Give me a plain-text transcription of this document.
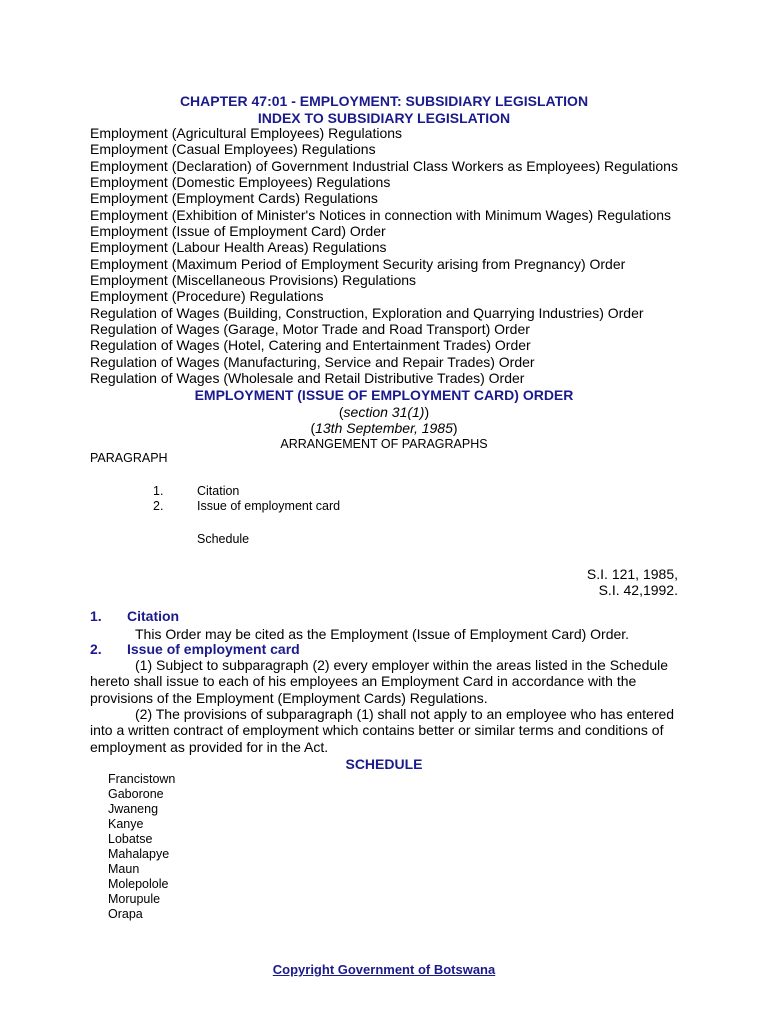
CHAPTER 47:01 - EMPLOYMENT: SUBSIDIARY LEGISLATION
INDEX TO SUBSIDIARY LEGISLATION
Employment (Agricultural Employees) Regulations
Employment (Casual Employees) Regulations
Employment (Declaration) of Government Industrial Class Workers as Employees) Regulations
Employment (Domestic Employees) Regulations
Employment (Employment Cards) Regulations
Employment (Exhibition of Minister's Notices in connection with Minimum Wages) Regulations
Employment (Issue of Employment Card) Order
Employment (Labour Health Areas) Regulations
Employment (Maximum Period of Employment Security arising from Pregnancy) Order
Employment (Miscellaneous Provisions) Regulations
Employment (Procedure) Regulations
Regulation of Wages (Building, Construction, Exploration and Quarrying Industries) Order
Regulation of Wages (Garage, Motor Trade and Road Transport) Order
Regulation of Wages (Hotel, Catering and Entertainment Trades) Order
Regulation of Wages (Manufacturing, Service and Repair Trades) Order
Regulation of Wages (Wholesale and Retail Distributive Trades) Order
EMPLOYMENT (ISSUE OF EMPLOYMENT CARD) ORDER
(section 31(1))
(13th September, 1985)
ARRANGEMENT OF PARAGRAPHS
PARAGRAPH
1.	Citation
2.	Issue of employment card
Schedule
S.I. 121, 1985,
S.I. 42,1992.
1. Citation
This Order may be cited as the Employment (Issue of Employment Card) Order.
2. Issue of employment card
(1) Subject to subparagraph (2) every employer within the areas listed in the Schedule hereto shall issue to each of his employees an Employment Card in accordance with the provisions of the Employment (Employment Cards) Regulations.
(2) The provisions of subparagraph (1) shall not apply to an employee who has entered into a written contract of employment which contains better or similar terms and conditions of employment as provided for in the Act.
SCHEDULE
Francistown
Gaborone
Jwaneng
Kanye
Lobatse
Mahalapye
Maun
Molepolole
Morupule
Orapa
Copyright Government of Botswana
